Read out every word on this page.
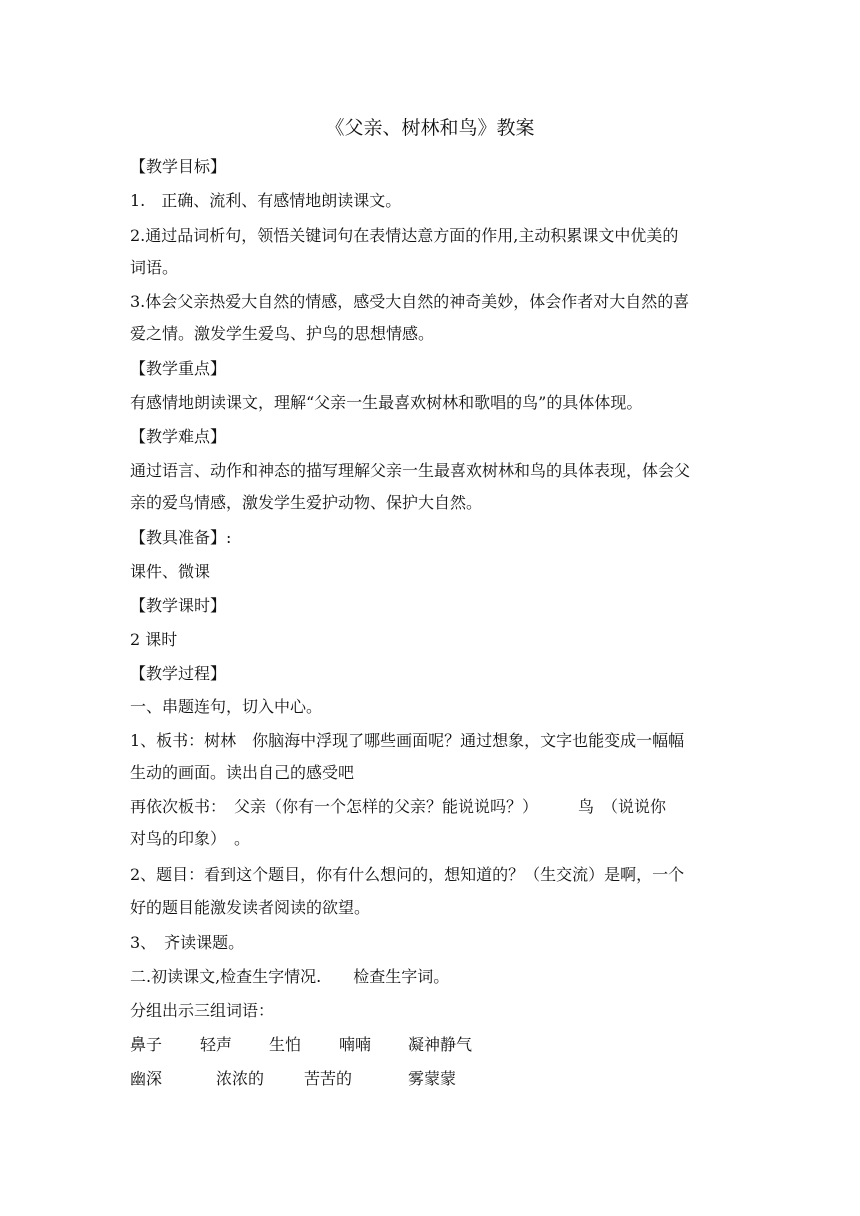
《父亲、树林和鸟》教案
【教学目标】
1.　正确、流利、有感情地朗读课文。
2.通过品词析句，领悟关键词句在表情达意方面的作用,主动积累课文中优美的
词语。
3.体会父亲热爱大自然的情感，感受大自然的神奇美妙，体会作者对大自然的喜
爱之情。激发学生爱鸟、护鸟的思想情感。
【教学重点】
有感情地朗读课文，理解“父亲一生最喜欢树林和歌唱的鸟”的具体体现。
【教学难点】
通过语言、动作和神态的描写理解父亲一生最喜欢树林和鸟的具体表现，体会父
亲的爱鸟情感，激发学生爱护动物、保护大自然。
【教具准备】:
课件、微课
【教学课时】
2 课时
【教学过程】
一、串题连句，切入中心。
1、板书：树林　你脑海中浮现了哪些画面呢？通过想象，文字也能变成一幅幅
生动的画面。读出自己的感受吧
再依次板书：　父亲（你有一个怎样的父亲？能说说吗？）　　　鸟　（说说你
对鸟的印象）　。
2、题目：看到这个题目，你有什么想问的，想知道的？（生交流）是啊，一个
好的题目能激发读者阅读的欲望。
3、　齐读课题。
二.初读课文,检查生字情况.　　检查生字词。
分组出示三组词语：
鼻子 轻声 生怕 喃喃 凝神静气
幽深	浓浓的 苦苦的	雾蒙蒙
